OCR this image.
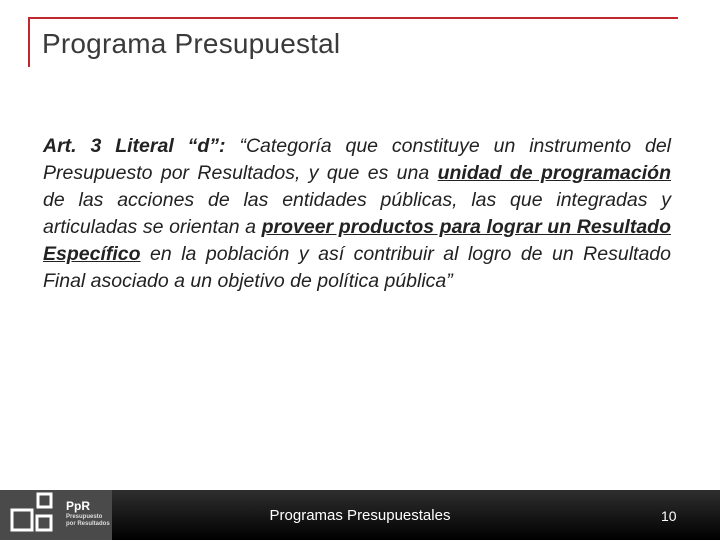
Programa Presupuestal
Art. 3 Literal “d”: “Categoría que constituye un instrumento del Presupuesto por Resultados, y que es una unidad de programación de las acciones de las entidades públicas, las que integradas y articuladas se orientan a proveer productos para lograr un Resultado Específico en la población y así contribuir al logro de un Resultado Final asociado a un objetivo de política pública”
PpR
Presupuesto por Resultados	Programas Presupuestales	10
